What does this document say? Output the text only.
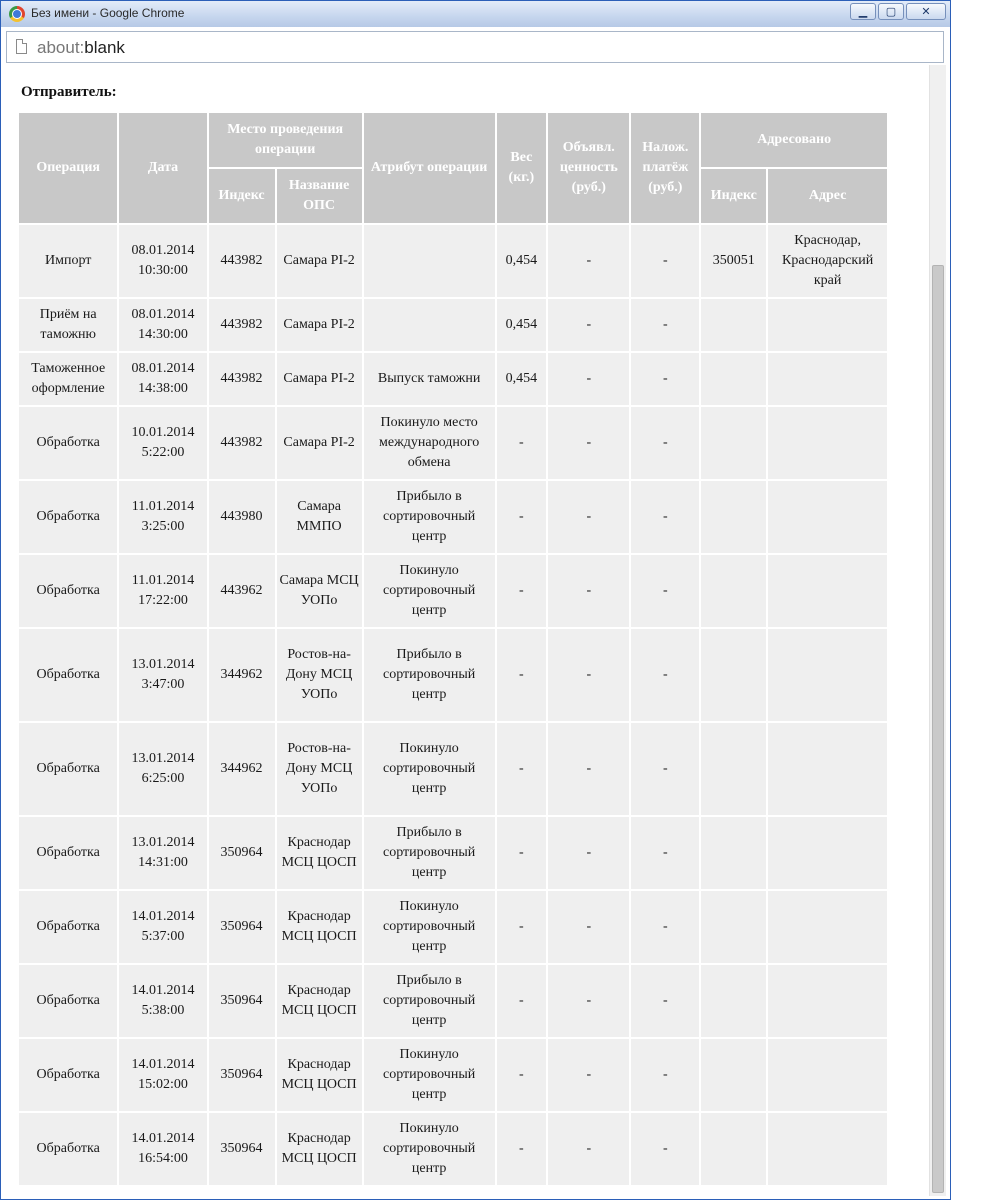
Без имени - Google Chrome	▁	▢	✕
about:blank
Отправитель:
Операция	Дата	Место проведения операции		Атрибут операции	Вес (кг.)	Объявл. ценность (руб.)	Налож. платёж (руб.)	Адресовано	
		Индекс	Название ОПС					Индекс	Адрес
Импорт	08.01.2014 10:30:00	443982	Самара PI-2		0,454	-	-	350051	Краснодар, Краснодарский край
Приём на таможню	08.01.2014 14:30:00	443982	Самара PI-2		0,454	-	-		
Таможенное оформление	08.01.2014 14:38:00	443982	Самара PI-2	Выпуск таможни	0,454	-	-		
Обработка	10.01.2014 5:22:00	443982	Самара PI-2	Покинуло место международного обмена	-	-	-		
Обработка	11.01.2014 3:25:00	443980	Самара ММПО	Прибыло в сортировочный центр	-	-	-		
Обработка	11.01.2014 17:22:00	443962	Самара МСЦ УОПо	Покинуло сортировочный центр	-	-	-		
Обработка	13.01.2014 3:47:00	344962	Ростов-на-Дону МСЦ УОПо	Прибыло в сортировочный центр	-	-	-		
Обработка	13.01.2014 6:25:00	344962	Ростов-на-Дону МСЦ УОПо	Покинуло сортировочный центр	-	-	-		
Обработка	13.01.2014 14:31:00	350964	Краснодар МСЦ ЦОСП	Прибыло в сортировочный центр	-	-	-		
Обработка	14.01.2014 5:37:00	350964	Краснодар МСЦ ЦОСП	Покинуло сортировочный центр	-	-	-		
Обработка	14.01.2014 5:38:00	350964	Краснодар МСЦ ЦОСП	Прибыло в сортировочный центр	-	-	-		
Обработка	14.01.2014 15:02:00	350964	Краснодар МСЦ ЦОСП	Покинуло сортировочный центр	-	-	-		
Обработка	14.01.2014 16:54:00	350964	Краснодар МСЦ ЦОСП	Покинуло сортировочный центр	-	-	-		
